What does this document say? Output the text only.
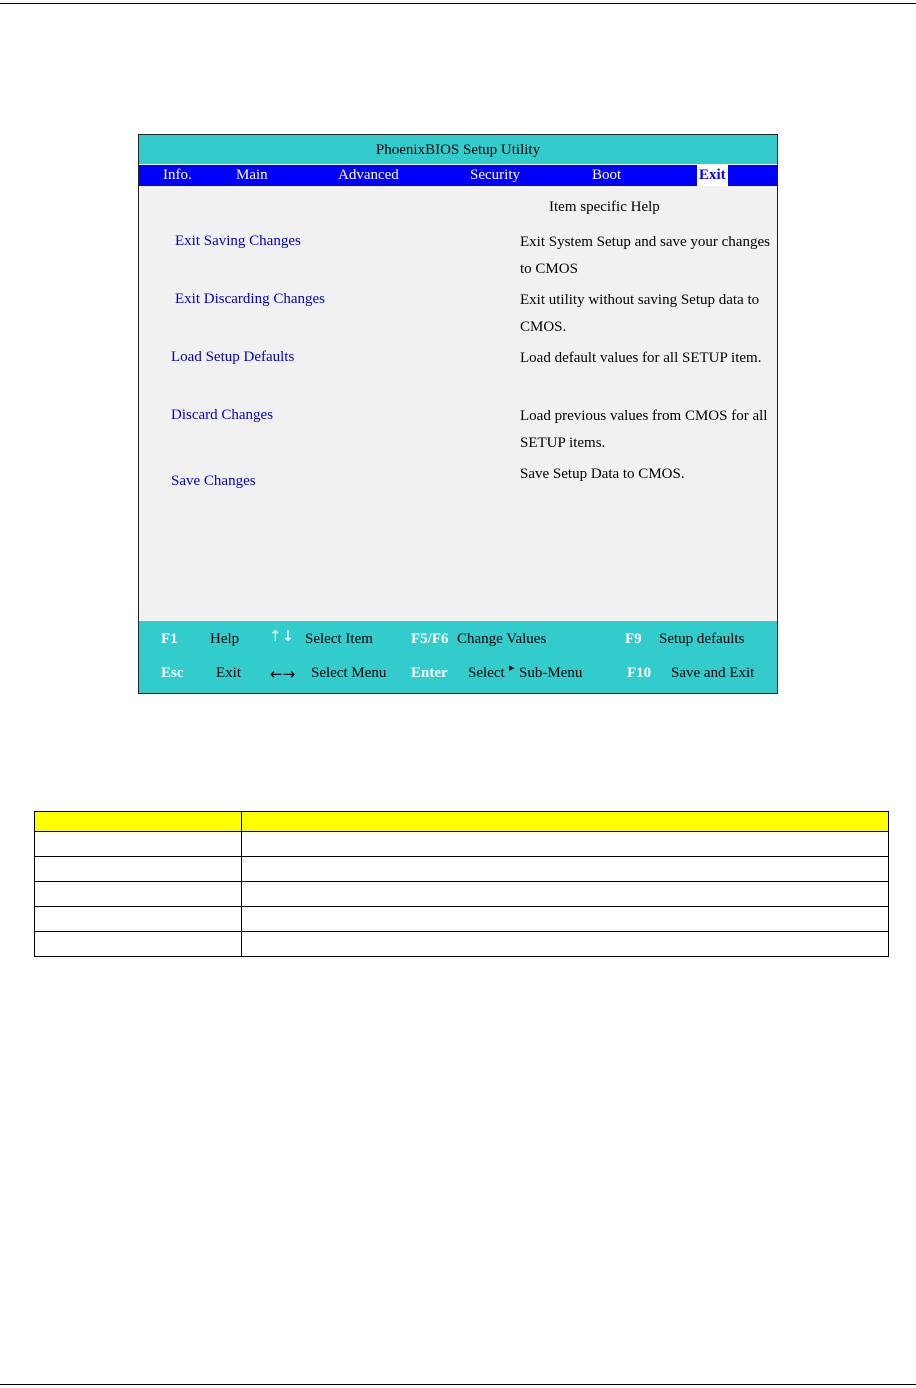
PhoenixBIOS Setup Utility
Info.	Main	Advanced	Security	Boot	Exit
Item specific Help
Exit Saving Changes	Exit System Setup and save your changes to CMOS
Exit Discarding Changes	Exit utility without saving Setup data to CMOS.
Load Setup Defaults	Load default values for all SETUP item.
Discard Changes	Load previous values from CMOS for all SETUP items.
Save Changes	Save Setup Data to CMOS.
F1 Help ↑↓ Select Item	F5/F6 Change Values	F9 Setup defaults
Esc Exit ←→ Select Menu Enter Select ▸ Sub-Menu	F10 Save and Exit
